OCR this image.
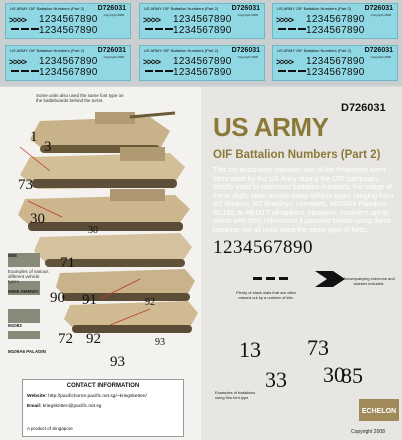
US ARMY OIF Battalion Numbers (Part 2) D726031
Copyright 2008
>>>> 1234567890
1234567890
US ARMY OIF Battalion Numbers (Part 2) D726031
Copyright 2008
>>>> 1234567890
1234567890
US ARMY OIF Battalion Numbers (Part 2) D726031
Copyright 2008
>>>> 1234567890
1234567890
US ARMY OIF Battalion Numbers (Part 2) D726031
Copyright 2008
>>>> 1234567890
1234567890
US ARMY OIF Battalion Numbers (Part 2) D726031
Copyright 2008
>>>> 1234567890
1234567890
US ARMY OIF Battalion Numbers (Part 2) D726031
Copyright 2008
>>>> 1234567890
1234567890
Some units also used the same font type on the battleboards behind the turret.
1
3
73
30
30
71
90 91	92
72 92	93
93
M88
Examples of various different vehicle types
M988 HMMWV
M1083
M109A6 PALADIN
CONTACT INFORMATION
Website: http://pacifichorne.pacific.net.sg/~kriegsketten/
Email: kriegsketten@pacific.net.sg
A product of Singapore
D726031
US ARMY
OIF Battalion Numbers (Part 2)
This set accurately captures one of the frequently seen fonts used by the US Army during the OIF campaign. Mostly used to represent battalion numbers, the usage of these digits span across many vehicle types ranging from M1 Abrams, M2 Bradleys, Humvees, M109A6 Paladins, M113s, to HEMTT oil tankers. However, modelers are to check with their references if possible before using these because not all units used the same type of fonts.
1234567890
Plenty of black slats that are often missed out by a number of kits.
Accompanying chevrons and slashes included.
13 73
33 30
85
Examples of battalions using this font type
ECHELON
Copyright 2008
